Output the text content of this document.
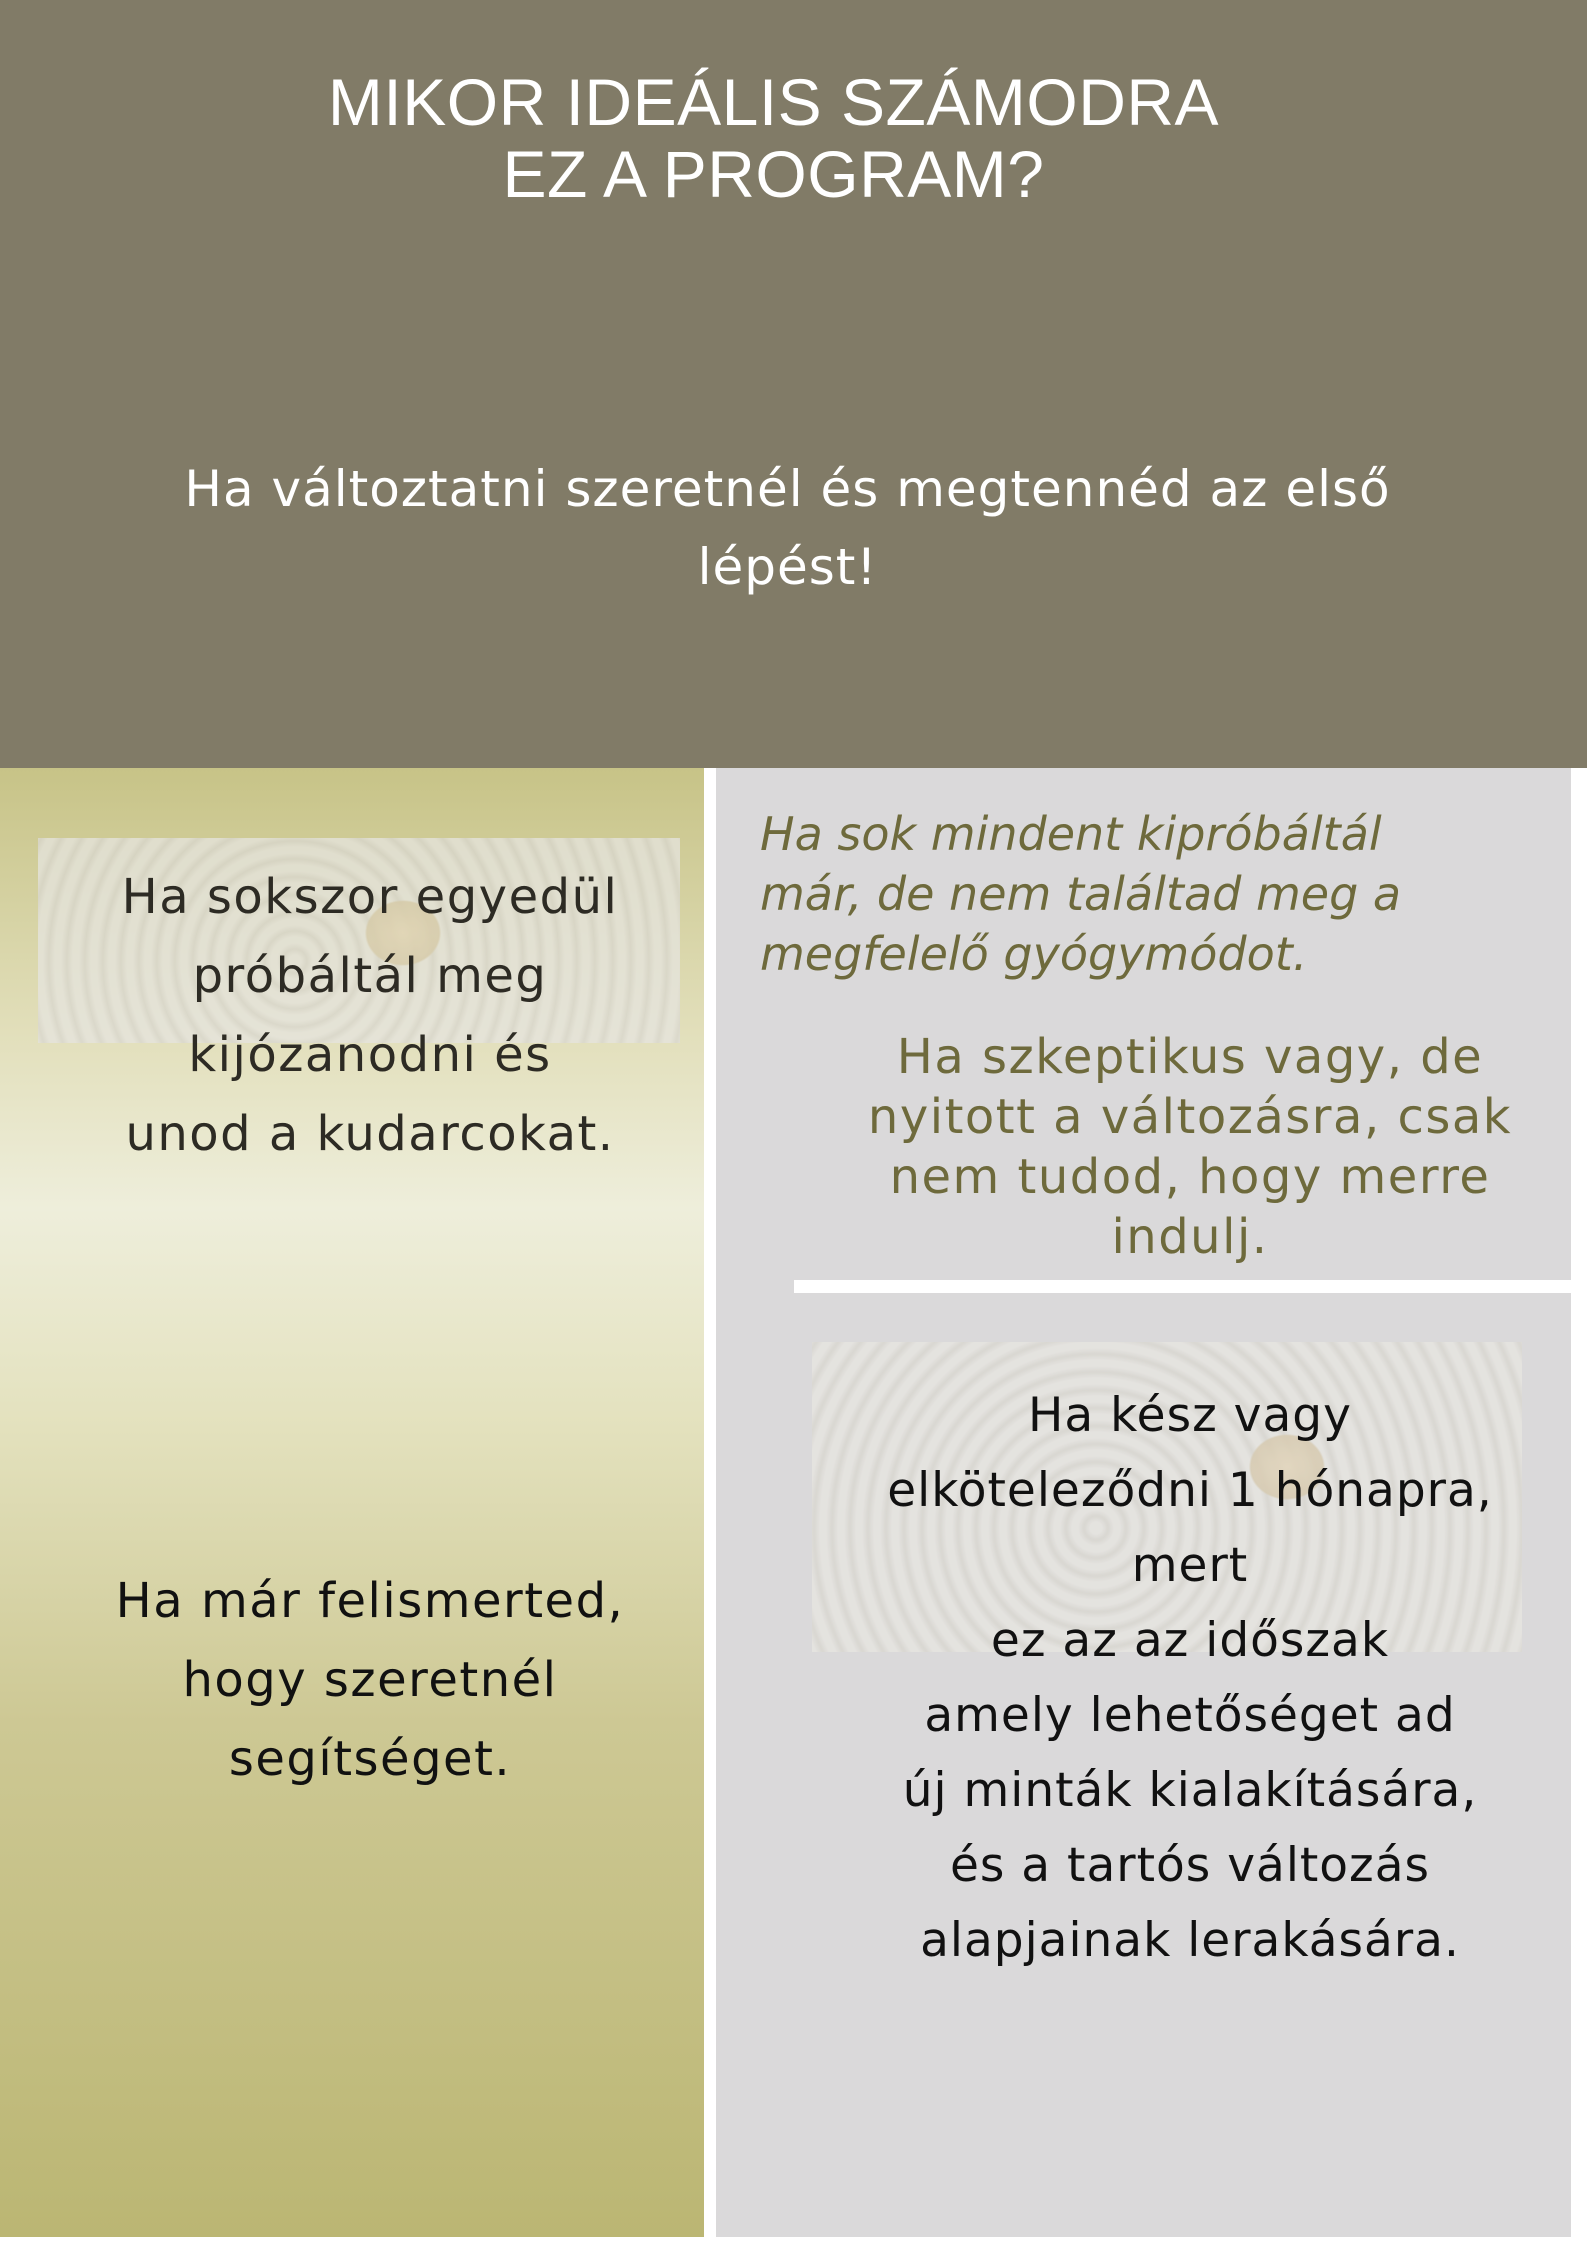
MIKOR IDEÁLIS SZÁMODRA
EZ A PROGRAM?
Ha változtatni szeretnél és megtennéd az első
lépést!
Ha sokszor egyedül
próbáltál meg
kijózanodni és
unod a kudarcokat.
Ha már felismerted,
hogy szeretnél
segítséget.
Ha sok mindent kipróbáltál
már, de nem találtad meg a
megfelelő gyógymódot.
Ha szkeptikus vagy, de
nyitott a változásra, csak
nem tudod, hogy merre
indulj.
Ha kész vagy
elköteleződni 1 hónapra,
mert
ez az az időszak
amely lehetőséget ad
új minták kialakítására,
és a tartós változás
alapjainak lerakására.
